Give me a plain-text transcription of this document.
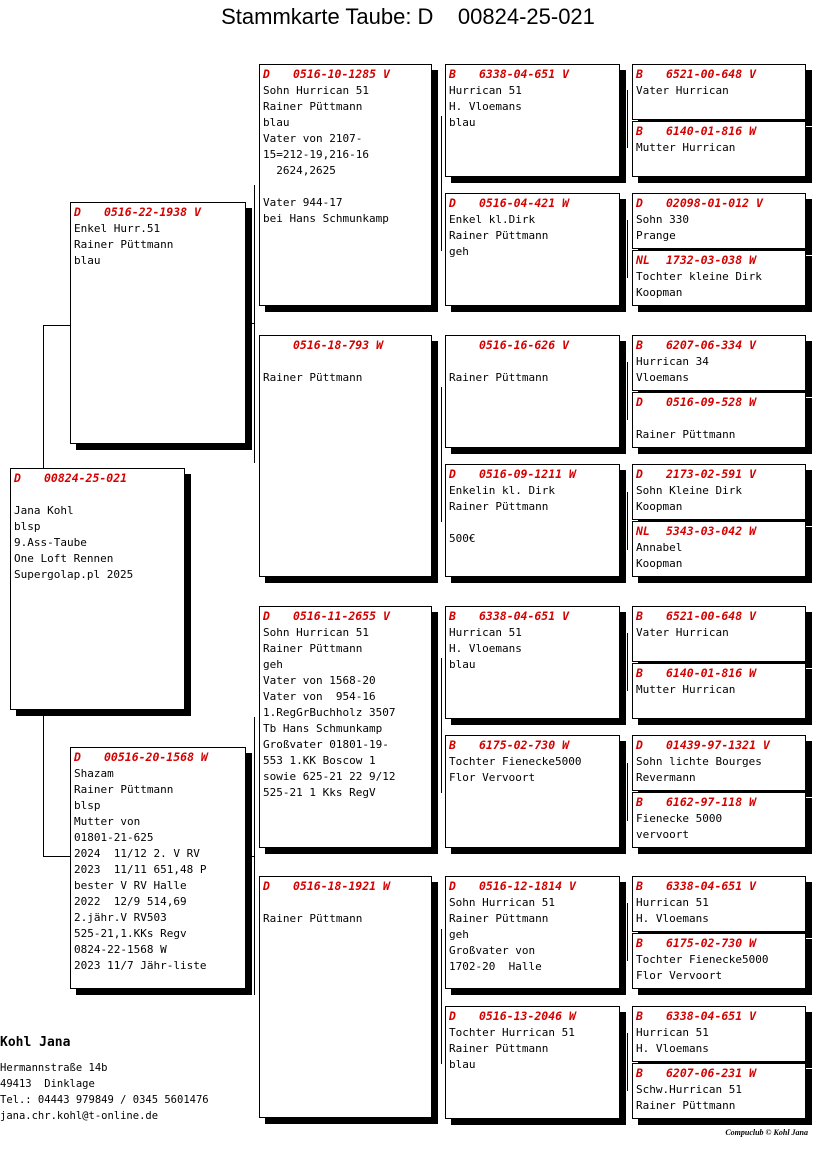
Stammkarte Taube: D    00824-25-021
D 00824-25-021

Jana Kohl
blsp
9.Ass-Taube
One Loft Rennen
Supergolap.pl 2025
D 0516-22-1938 V
Enkel Hurr.51
Rainer Püttmann
blau
D 00516-20-1568 W
Shazam
Rainer Püttmann
blsp
Mutter von
01801-21-625
2024  11/12 2. V RV
2023  11/11 651,48 P
bester V RV Halle
2022  12/9 514,69
2.jähr.V RV503
525-21,1.KKs Regv
0824-22-1568 W
2023 11/7 Jähr-liste
D 0516-10-1285 V
Sohn Hurrican 51
Rainer Püttmann
blau
Vater von 2107-
15=212-19,216-16
2624,2625

Vater 944-17
bei Hans Schmunkamp
0516-18-793 W

Rainer Püttmann
D 0516-11-2655 V
Sohn Hurrican 51
Rainer Püttmann
geh
Vater von 1568-20
Vater von  954-16
1.RegGrBuchholz 3507
Tb Hans Schmunkamp
Großvater 01801-19-
553 1.KK Boscow 1
sowie 625-21 22 9/12
525-21 1 Kks RegV
D 0516-18-1921 W

Rainer Püttmann
B 6338-04-651 V
Hurrican 51
H. Vloemans
blau
D 0516-04-421 W
Enkel kl.Dirk
Rainer Püttmann
geh
0516-16-626 V

Rainer Püttmann
D 0516-09-1211 W
Enkelin kl. Dirk
Rainer Püttmann

500€
B 6338-04-651 V
Hurrican 51
H. Vloemans
blau
B 6175-02-730 W
Tochter Fienecke5000
Flor Vervoort
D 0516-12-1814 V
Sohn Hurrican 51
Rainer Püttmann
geh
Großvater von
1702-20  Halle
D 0516-13-2046 W
Tochter Hurrican 51
Rainer Püttmann
blau
B 6521-00-648 V
Vater Hurrican
B 6140-01-816 W
Mutter Hurrican
D 02098-01-012 V
Sohn 330
Prange
NL 1732-03-038 W
Tochter kleine Dirk
Koopman
B 6207-06-334 V
Hurrican 34
Vloemans
D 0516-09-528 W

Rainer Püttmann
D 2173-02-591 V
Sohn Kleine Dirk
Koopman
NL 5343-03-042 W
Annabel
Koopman
B 6521-00-648 V
Vater Hurrican
B 6140-01-816 W
Mutter Hurrican
D 01439-97-1321 V
Sohn lichte Bourges
Revermann
B 6162-97-118 W
Fienecke 5000
vervoort
B 6338-04-651 V
Hurrican 51
H. Vloemans
B 6175-02-730 W
Tochter Fienecke5000
Flor Vervoort
B 6338-04-651 V
Hurrican 51
H. Vloemans
B 6207-06-231 W
Schw.Hurrican 51
Rainer Püttmann
Kohl Jana
Hermannstraße 14b
49413  Dinklage
Tel.: 04443 979849 / 0345 5601476
jana.chr.kohl@t-online.de
Compuclub © Kohl Jana
